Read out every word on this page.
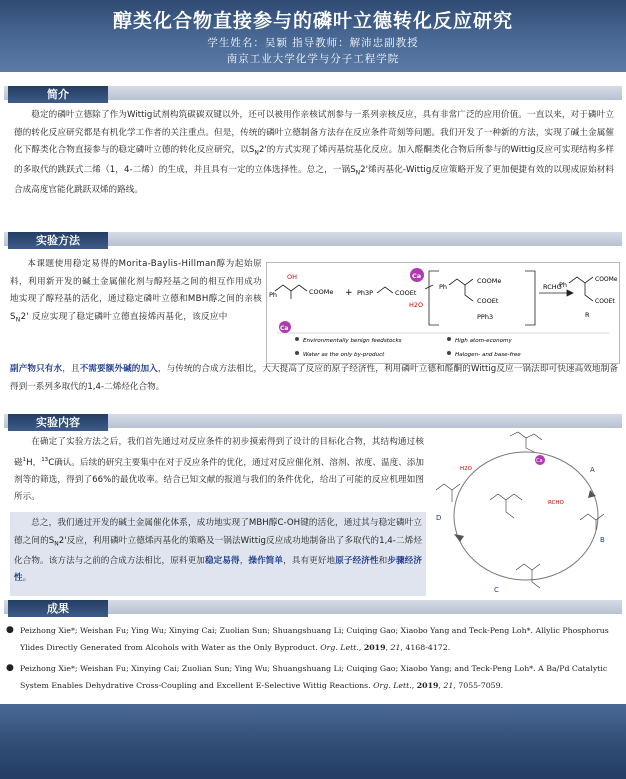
醇类化合物直接参与的磷叶立德转化反应研究
学生姓名：吴颖 指导教师：解沛忠副教授
南京工业大学化学与分子工程学院
简介
稳定的磷叶立德除了作为Wittig试剂构筑碳碳双键以外，还可以被用作亲核试剂参与一系列亲核反应，具有非常广泛的应用价值。一直以来，对于磷叶立德的转化反应研究都是有机化学工作者的关注重点。但是，传统的磷叶立德制备方法存在反应条件苛刻等问题。我们开发了一种新的方法，实现了碱土金属催化下醇类化合物直接参与的稳定磷叶立德的转化反应研究，以$S_N2'$的方式实现了烯丙基烷基化反应。加入醛酮类化合物后所参与的Wittig反应可实现结构多样的多取代的跳跃式二烯（1，4-二烯）的生成，并且具有一定的立体选择性。总之，一锅$S_N2'$烯丙基化-Wittig反应策略开发了更加便捷有效的以现成原始材料合成高度官能化跳跃双烯的路线。
实验方法
本课题使用稳定易得的Morita-Baylis-Hillman醇为起始原料，利用新开发的碱土金属催化剂与醇羟基之间的相互作用成功地实现了醇羟基的活化，通过稳定磷叶立德和MBH醇之间的亲核 $S_N2'$ 反应实现了稳定磷叶立德直接烯丙基化，该反应中
副产物只有水，且不需要额外碱的加入，与传统的合成方法相比，大大提高了反应的原子经济性，利用磷叶立德和醛酮的Wittig反应一锅法即可快速高效地制备得到一系列多取代的1,4-二烯烃化合物。
Ph
OH
COOMe + Ph3P	COOEt
Ca
H2O
Ph
COOMe
COOEt
PPh3
RCHO
Ph
COOMe
COOEt
R
Ca
Environmentally benign feedstocks	High atom-economy
Water as the only by-product	Halogen- and base-free
实验内容
在确定了实验方法之后，我们首先通过对反应条件的初步摸索得到了设计的目标化合物，其结构通过核磁$^1$H，$^{13}$C确认。后续的研究主要集中在对于反应条件的优化，通过对反应催化剂、溶剂、浓度、温度、添加剂等的筛选，得到了66%的最优收率。结合已知文献的报道与我们的条件优化，给出了可能的反应机理如图所示。
总之，我们通过开发的碱土金属催化体系，成功地实现了MBH醇C-OH键的活化，通过其与稳定磷叶立德之间的$S_N2'$反应，利用磷叶立德烯丙基化的策略及一锅法Wittig反应成功地制备出了多取代的1,4-二烯烃化合物。该方法与之前的合成方法相比，原料更加稳定易得，操作简单，具有更好地原子经济性和步骤经济性。
Ca
A
B
C
D
RCHO
H2O
成果
● Peizhong Xie*; Weishan Fu; Ying Wu; Xinying Cai; Zuolian Sun; Shuangshuang Li; Cuiqing Gao; Xiaobo Yang and Teck-Peng Loh*. Allylic Phosphorus Ylides Directly Generated from Alcohols with Water as the Only Byproduct. Org. Lett., 2019, 21, 4168-4172.
● Peizhong Xie*; Weishan Fu; Xinying Cai; Zuolian Sun; Ying Wu; Shuangshuang Li; Cuiqing Gao; Xiaobo Yang; and Teck-Peng Loh*. A Ba/Pd Catalytic System Enables Dehydrative Cross-Coupling and Excellent E-Selective Wittig Reactions. Org. Lett., 2019, 21, 7055-7059.
